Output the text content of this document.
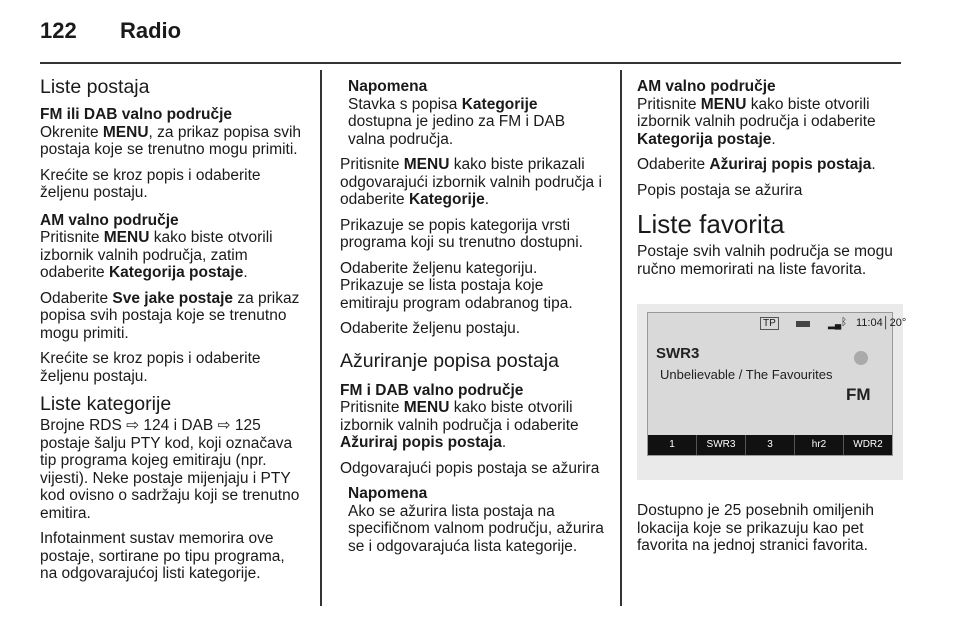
122 Radio
Liste postaja
FM ili DAB valno područje

Okrenite MENU, za prikaz popisa svih postaja koje se trenutno mogu primiti.

Krećite se kroz popis i odaberite željenu postaju.

AM valno područje

Pritisnite MENU kako biste otvorili izbornik valnih područja, zatim odaberite Kategorija postaje.

Odaberite Sve jake postaje za prikaz popisa svih postaja koje se trenutno mogu primiti.

Krećite se kroz popis i odaberite željenu postaju.

Liste kategorije

Brojne RDS ⇨ 124 i DAB ⇨ 125 postaje šalju PTY kod, koji označava tip programa kojeg emitiraju (npr. vijesti). Neke postaje mijenjaju i PTY kod ovisno o sadržaju koji se trenutno emitira.

Infotainment sustav memorira ove postaje, sortirane po tipu programa, na odgovarajućoj listi kategorije.

Napomena
Stavka s popisa Kategorije dostupna je jedino za FM i DAB valna područja.

Pritisnite MENU kako biste prikazali odgovarajući izbornik valnih područja i odaberite Kategorije.

Prikazuje se popis kategorija vrsti programa koji su trenutno dostupni.

Odaberite željenu kategoriju. Prikazuje se lista postaja koje emitiraju program odabranog tipa.

Odaberite željenu postaju.

Ažuriranje popisa postaja
FM i DAB valno područje

Pritisnite MENU kako biste otvorili izbornik valnih područja i odaberite Ažuriraj popis postaja.

Odgovarajući popis postaja se ažurira

Napomena
Ako se ažurira lista postaja na specifičnom valnom području, ažurira se i odgovarajuća lista kategorije.
AM valno područje

Pritisnite MENU kako biste otvorili izbornik valnih područja i odaberite Kategorija postaje.

Odaberite Ažuriraj popis postaja.

Popis postaja se ažurira

Liste favorita

Postaje svih valnih područja se mogu ručno memorirati na liste favorita.

TP	▂▄ ᛒ 11:04│20°
SWR3
Unbelievable / The Favourites
FM
1	SWR3	3	hr2	WDR2

Dostupno je 25 posebnih omiljenih lokacija koje se prikazuju kao pet favorita na jednoj stranici favorita.
